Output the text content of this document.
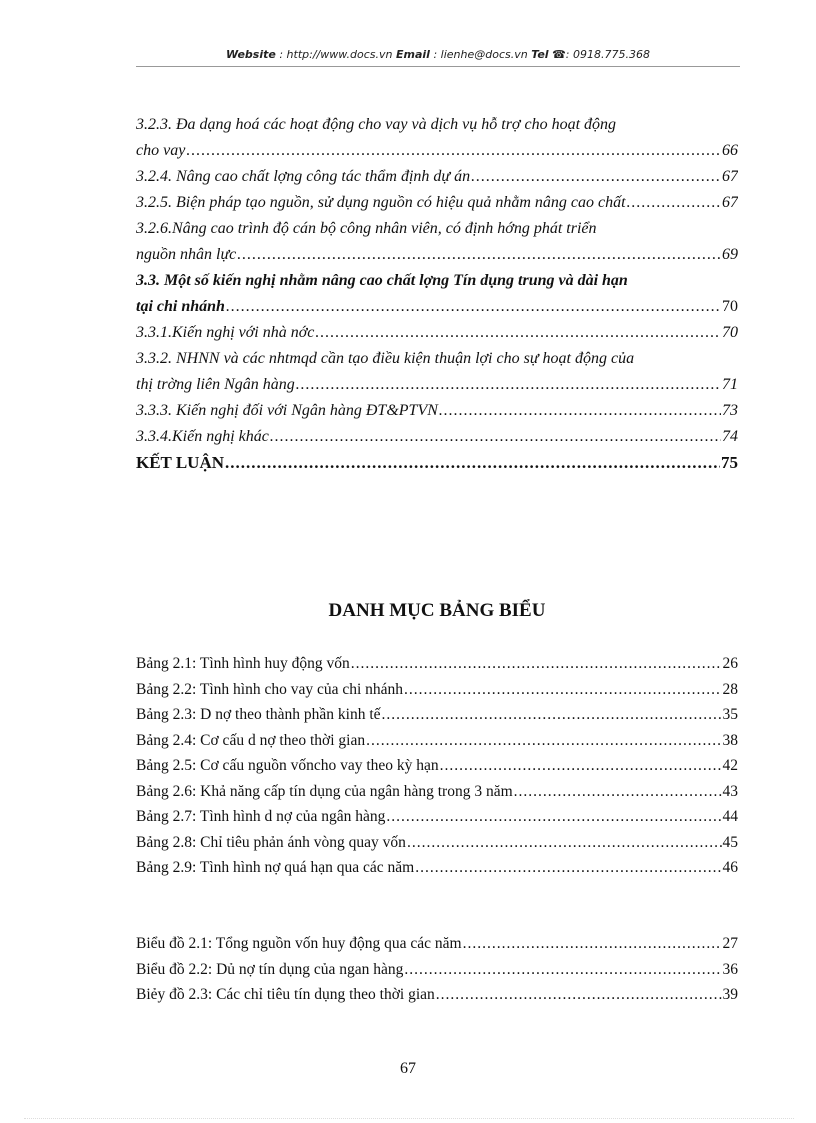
Website : http://www.docs.vn Email : lienhe@docs.vn Tel ☎: 0918.775.368
3.2.3. Đa dạng hoá các hoạt động cho vay và dịch vụ hỗ trợ cho hoạt động
cho vay .....	66
3.2.4. Nâng cao chất lợng công tác thẩm định dự án .....	67
3.2.5. Biện pháp tạo nguồn, sử dụng nguồn có hiệu quả nhằm nâng cao chất .....	67
3.2.6.Nâng cao trình độ cán bộ công nhân viên, có định hớng phát triển
nguồn nhân lực .....	69
3.3. Một số kiến nghị nhằm nâng cao chất lợng Tín dụng trung và dài hạn
tại chi nhánh .....	70
3.3.1.Kiến nghị với nhà nớc .....	70
3.3.2. NHNN và các nhtmqd cần tạo điều kiện thuận lợi cho sự hoạt động của
thị trờng liên Ngân hàng .....	71
3.3.3. Kiến nghị đối với Ngân hàng ĐT&PTVN .....	73
3.3.4.Kiến nghị khác .....	74
KẾT LUẬN .....	75
DANH MỤC BẢNG BIỂU
Bảng 2.1: Tình hình huy động vốn .....	26
Bảng 2.2: Tình hình cho vay của chi nhánh .....	28
Bảng 2.3: D nợ theo thành phần kinh tế .....	35
Bảng 2.4: Cơ cấu d nợ theo thời gian .....	38
Bảng 2.5: Cơ cấu nguồn vốncho vay theo kỳ hạn .....	42
Bảng 2.6: Khả năng cấp tín dụng của ngân hàng trong 3 năm .....	43
Bảng 2.7: Tình hình d nợ của ngân hàng .....	44
Bảng 2.8: Chỉ tiêu phản ánh vòng quay vốn .....	45
Bảng 2.9: Tình hình nợ quá hạn qua các năm .....	46
Biểu đồ 2.1: Tổng nguồn vốn huy động qua các năm .....	27
Biểu đồ 2.2: Dủ nợ tín dụng của ngan hàng .....	36
Biẻy đồ 2.3: Các chỉ tiêu tín dụng theo thời gian .....	39
67
